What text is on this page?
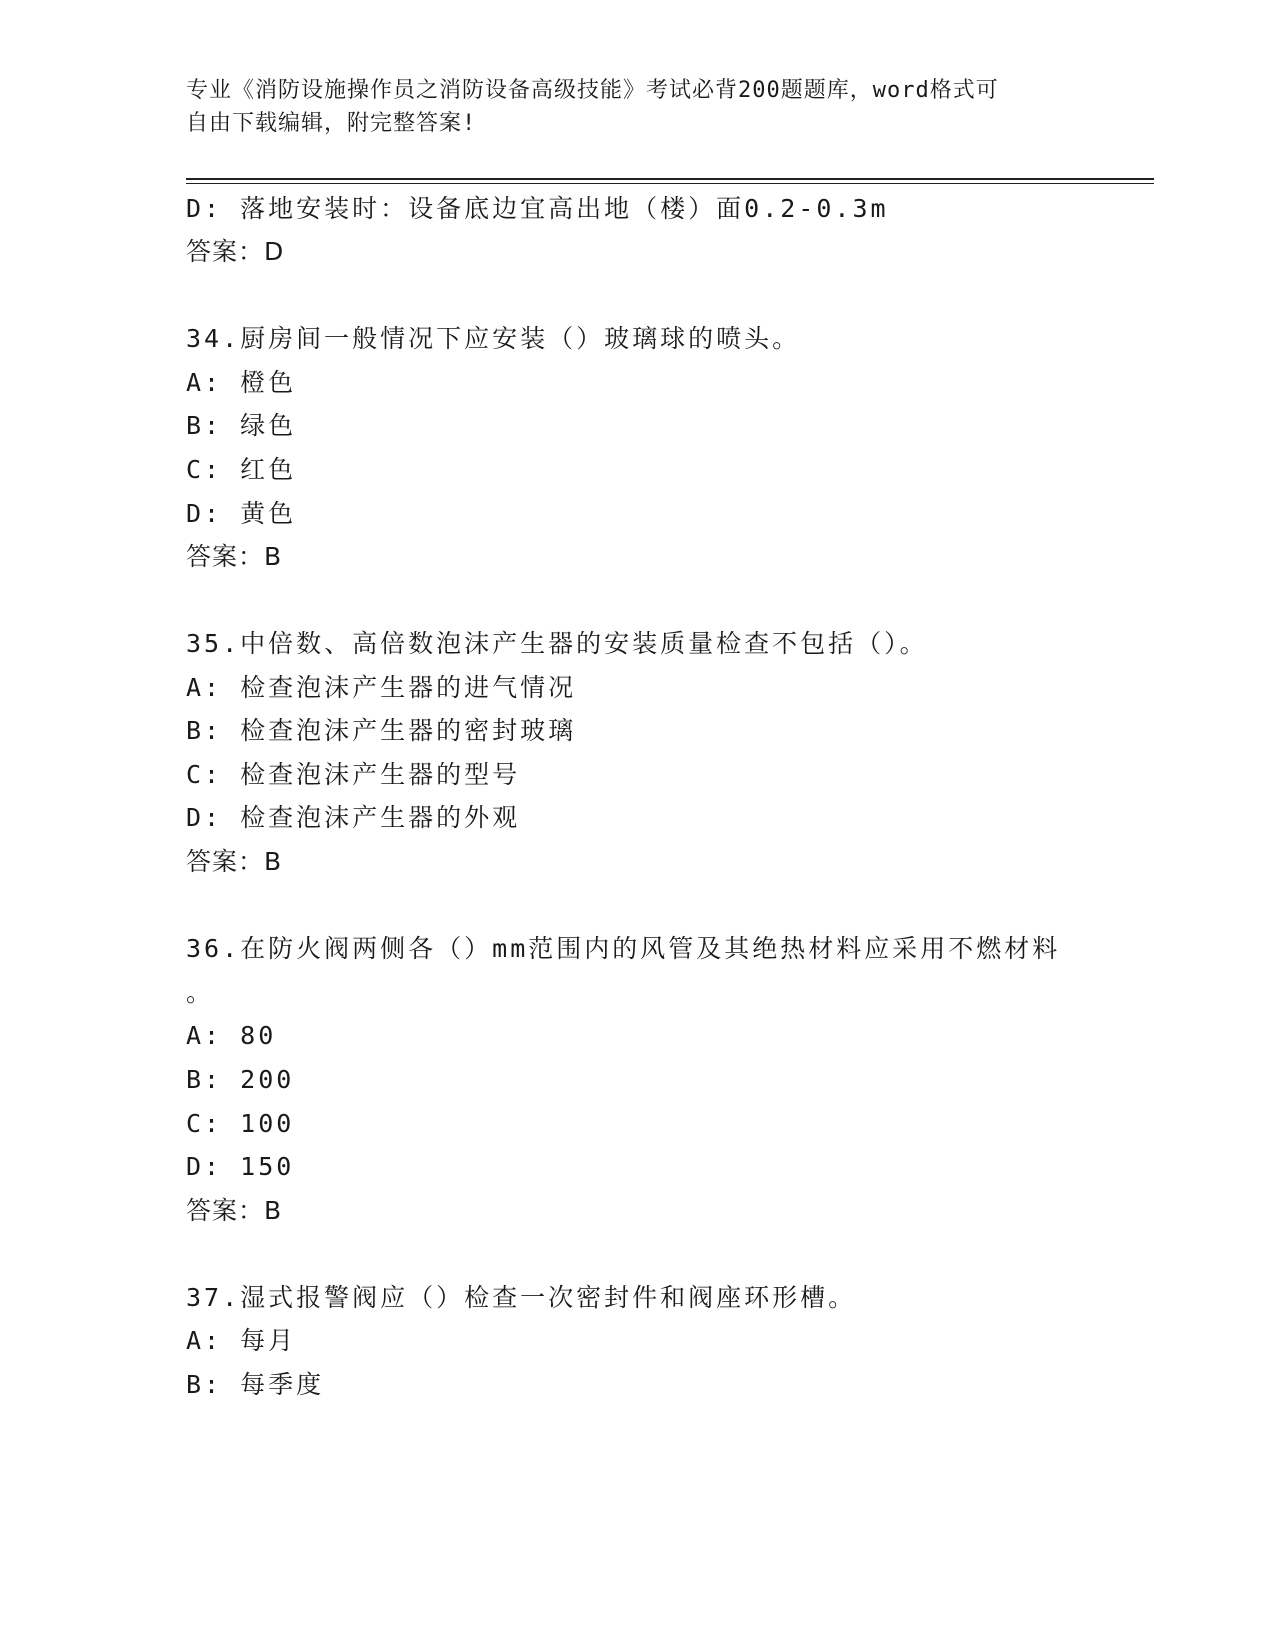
专业《消防设施操作员之消防设备高级技能》考试必背200题题库，word格式可
自由下载编辑，附完整答案!
D: 落地安装时：设备底边宜高出地（楼）面0.2-0.3m
答案：D
34.厨房间一般情况下应安装（）玻璃球的喷头。
A: 橙色
B: 绿色
C: 红色
D: 黄色
答案：B
35.中倍数、高倍数泡沫产生器的安装质量检查不包括（）。
A: 检查泡沫产生器的进气情况
B: 检查泡沫产生器的密封玻璃
C: 检查泡沫产生器的型号
D: 检查泡沫产生器的外观
答案：B
36.在防火阀两侧各（）mm范围内的风管及其绝热材料应采用不燃材料
。
A: 80
B: 200
C: 100
D: 150
答案：B
37.湿式报警阀应（）检查一次密封件和阀座环形槽。
A: 每月
B: 每季度
